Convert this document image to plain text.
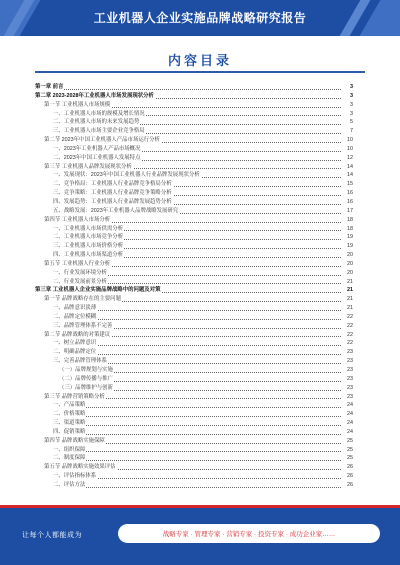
工业机器人企业实施品牌战略研究报告
内容目录
第一章 前言	3
第二章 2023-2028年工业机器人市场发展现状分析	3
第一节 工业机器人市场规模	3
一、工业机器人市场的规模及增长情况	3
二、工业机器人市场的未来发展趋势	5
三、工业机器人市场主要企业竞争格局	7
第二节 2023年中国工业机器人产品市场运行分析	10
一、2023年工业机器人产品市场概况	10
二、2023年中国工业机器人发展特点	12
第三节 工业机器人品牌发展现状分析	14
一、发展现状：2023年中国工业机器人行业品牌发展现状分析	14
二、竞争格局：工业机器人行业品牌竞争格局分析	15
三、竞争策略：工业机器人行业品牌竞争策略分析	16
四、发展趋势：工业机器人行业品牌发展趋势分析	16
五、战略发展：2023年工业机器人品牌战略发展研究	17
第四节 工业机器人市场分析	18
一、工业机器人市场供需分析	18
二、工业机器人市场竞争分析	19
三、工业机器人市场价格分析	19
四、工业机器人市场渠道分析	20
第五节 工业机器人行业分析	20
一、行业发展环境分析	20
二、行业发展前景分析	21
第三章 工业机器人企业实施品牌战略中的问题及对策	21
第一节 品牌战略存在的主要问题	21
一、品牌意识淡薄	21
二、品牌定位模糊	22
三、品牌管理体系不完善	22
第二节 品牌战略的对策建议	22
一、树立品牌意识	22
二、明确品牌定位	23
三、完善品牌管理体系	23
（一）品牌规划与实施	23
（二）品牌传播与推广	23
（三）品牌维护与创新	23
第三节 品牌营销策略分析	23
一、产品策略	24
二、价格策略	24
三、渠道策略	24
四、促销策略	24
第四节 品牌战略实施保障	25
一、组织保障	25
二、制度保障	25
第五节 品牌战略实施效果评估	26
一、评估指标体系	26
二、评估方法	26
让每个人都能成为	战略专家 · 管理专家 · 营销专家 · 投资专家 · 成功企业家……
